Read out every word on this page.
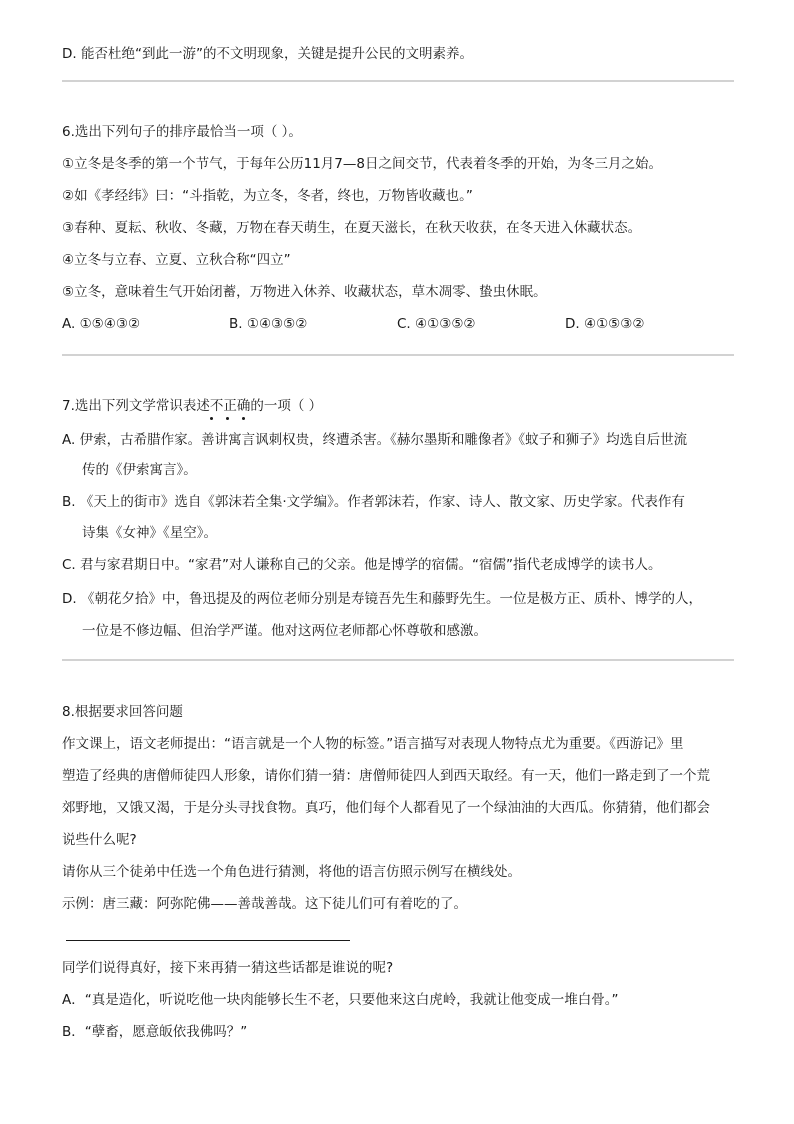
D. 能否杜绝“到此一游”的不文明现象，关键是提升公民的文明素养。
6.选出下列句子的排序最恰当一项（ ）。
①立冬是冬季的第一个节气，于每年公历11月7—8日之间交节，代表着冬季的开始，为冬三月之始。
②如《孝经纬》曰：“斗指乾，为立冬，冬者，终也，万物皆收藏也。”
③春种、夏耘、秋收、冬藏，万物在春天萌生，在夏天滋长，在秋天收获，在冬天进入休藏状态。
④立冬与立春、立夏、立秋合称“四立”
⑤立冬，意味着生气开始闭蓄，万物进入休养、收藏状态，草木凋零、蛰虫休眠。
A. ①⑤④③②	B. ①④③⑤②	C. ④①③⑤②	D. ④①⑤③②
7.选出下列文学常识表述不正确的一项（ ）
A. 伊索，古希腊作家。善讲寓言讽刺权贵，终遭杀害。《赫尔墨斯和雕像者》《蚊子和狮子》均选自后世流
传的《伊索寓言》。
B. 《天上的街市》选自《郭沫若全集·文学编》。作者郭沫若，作家、诗人、散文家、历史学家。代表作有
诗集《女神》《星空》。
C. 君与家君期日中。“家君”对人谦称自己的父亲。他是博学的宿儒。“宿儒”指代老成博学的读书人。
D. 《朝花夕拾》中，鲁迅提及的两位老师分别是寿镜吾先生和藤野先生。一位是极方正、质朴、博学的人，
一位是不修边幅、但治学严谨。他对这两位老师都心怀尊敬和感激。
8.根据要求回答问题
作文课上，语文老师提出：“语言就是一个人物的标签。”语言描写对表现人物特点尤为重要。《西游记》里
塑造了经典的唐僧师徒四人形象，请你们猜一猜：唐僧师徒四人到西天取经。有一天，他们一路走到了一个荒
郊野地，又饿又渴，于是分头寻找食物。真巧，他们每个人都看见了一个绿油油的大西瓜。你猜猜，他们都会
说些什么呢?
请你从三个徒弟中任选一个角色进行猜测，将他的语言仿照示例写在横线处。
示例：唐三藏：阿弥陀佛——善哉善哉。这下徒儿们可有着吃的了。
同学们说得真好，接下来再猜一猜这些话都是谁说的呢?
A．“真是造化，听说吃他一块肉能够长生不老，只要他来这白虎岭，我就让他变成一堆白骨。”
B．“孽畜，愿意皈依我佛吗？”
